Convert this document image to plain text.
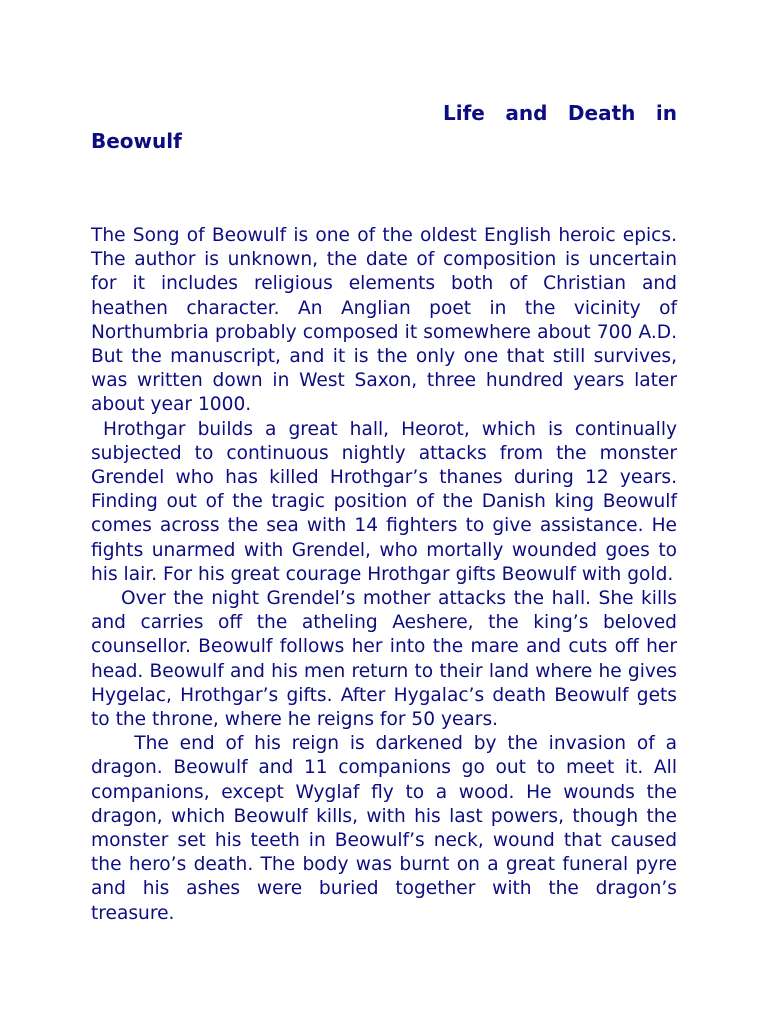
Life and Death in Beowulf

The Song of Beowulf is one of the oldest English heroic epics. The author is unknown, the date of composition is uncertain for it includes religious elements both of Christian and heathen character. An Anglian poet in the vicinity of Northumbria probably composed it somewhere about 700 A.D. But the manuscript, and it is the only one that still survives, was written down in West Saxon, three hundred years later about year 1000.

Hrothgar builds a great hall, Heorot, which is continually subjected to continuous nightly attacks from the monster Grendel who has killed Hrothgar’s thanes during 12 years. Finding out of the tragic position of the Danish king Beowulf comes across the sea with 14 fighters to give assistance. He fights unarmed with Grendel, who mortally wounded goes to his lair. For his great courage Hrothgar gifts Beowulf with gold.

Over the night Grendel’s mother attacks the hall. She kills and carries off the atheling Aeshere, the king’s beloved counsellor. Beowulf follows her into the mare and cuts off her head. Beowulf and his men return to their land where he gives Hygelac, Hrothgar’s gifts. After Hygalac’s death Beowulf gets to the throne, where he reigns for 50 years.

The end of his reign is darkened by the invasion of a dragon. Beowulf and 11 companions go out to meet it. All companions, except Wyglaf fly to a wood. He wounds the dragon, which Beowulf kills, with his last powers, though the monster set his teeth in Beowulf’s neck, wound that caused the hero’s death. The body was burnt on a great funeral pyre and his ashes were buried together with the dragon’s treasure.
